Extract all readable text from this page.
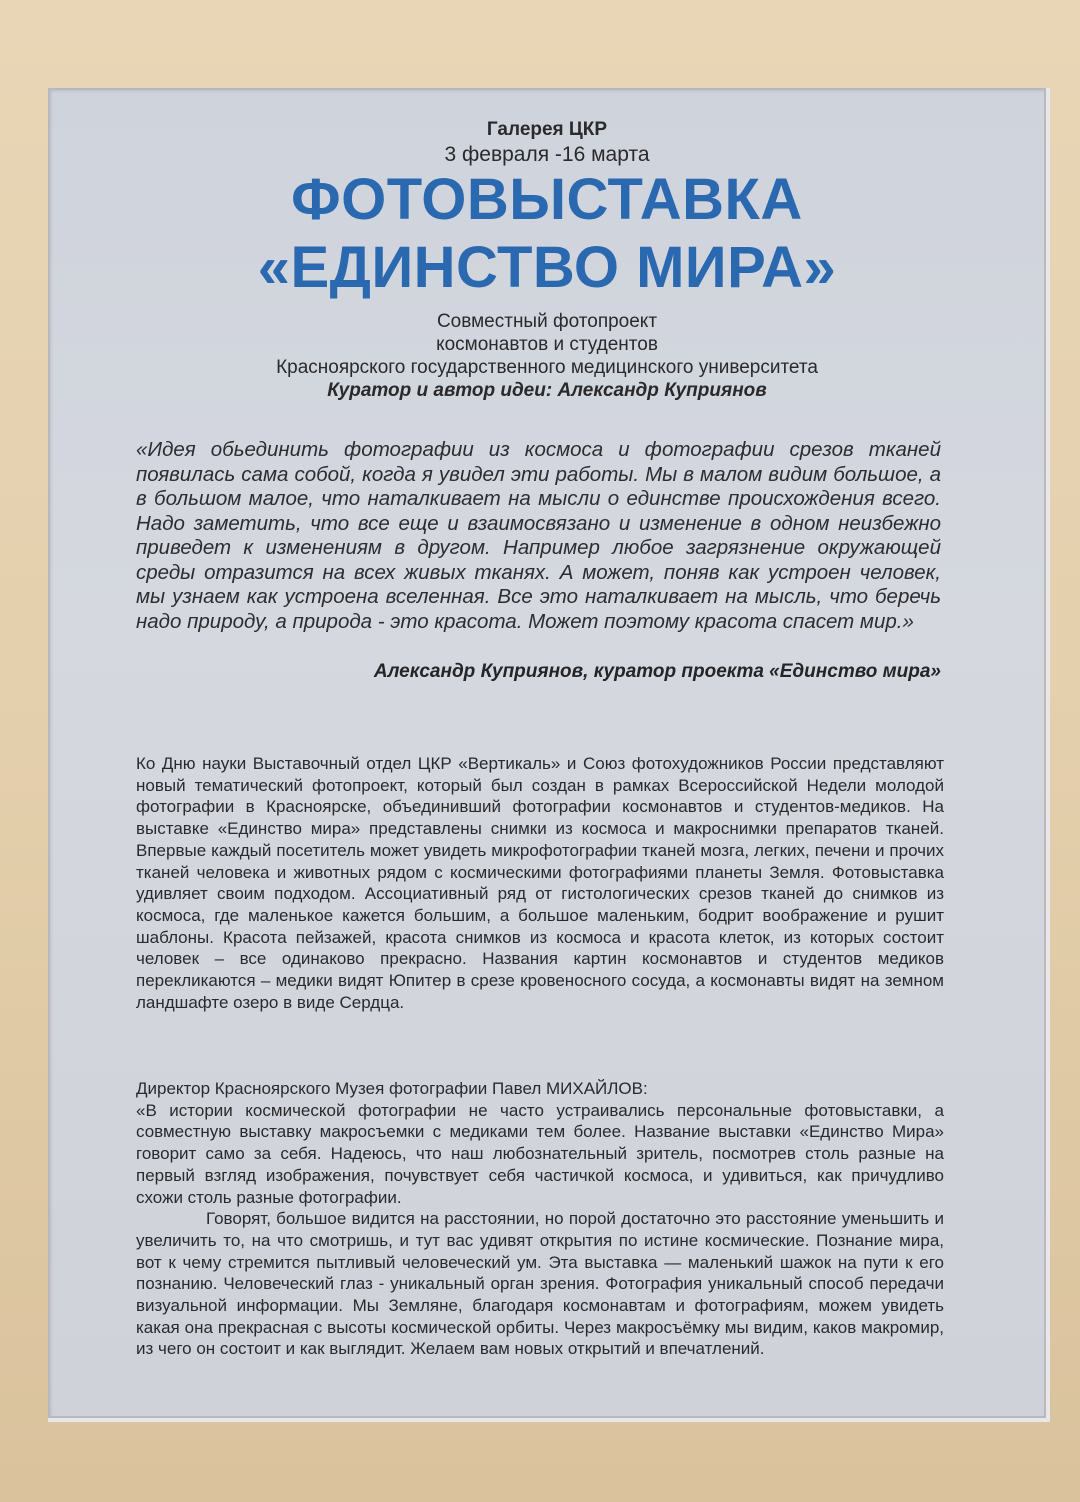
Галерея ЦКР
3 февраля -16 марта
ФОТОВЫСТАВКА
«ЕДИНСТВО МИРА»
Совместный фотопроект
космонавтов и студентов
Красноярского государственного медицинского университета
Куратор и автор идеи: Александр Куприянов
«Идея обьединить фотографии из космоса и фотографии срезов тканей появилась сама собой, когда я увидел эти работы. Мы в малом видим большое, а в большом малое, что наталкивает на мысли о единстве происхождения всего. Надо заметить, что все еще и взаимосвязано и изменение в одном неизбежно приведет к изменениям в другом. Например любое загрязнение окружающей среды отразится на всех живых тканях. А может, поняв как устроен человек, мы узнаем как устроена вселенная. Все это наталкивает на мысль, что беречь надо природу, а природа - это красота. Может поэтому красота спасет мир.»
Александр Куприянов, куратор проекта «Единство мира»

Ко Дню науки Выставочный отдел ЦКР «Вертикаль» и Союз фотохудожников России представляют новый тематический фотопроект, который был создан в рамках Всероссийской Недели молодой фотографии в Красноярске, объединивший фотографии космонавтов и студентов-медиков. На выставке «Единство мира» представлены снимки из космоса и макроснимки препаратов тканей. Впервые каждый посетитель может увидеть микрофотографии тканей мозга, легких, печени и прочих тканей человека и животных рядом с космическими фотографиями планеты Земля. Фотовыставка удивляет своим подходом. Ассоциативный ряд от гистологических срезов тканей до снимков из космоса, где маленькое кажется большим, а большое маленьким, бодрит воображение и рушит шаблоны. Красота пейзажей, красота снимков из космоса и красота клеток, из которых состоит человек – все одинаково прекрасно. Названия картин космонавтов и студентов медиков перекликаются – медики видят Юпитер в срезе кровеносного сосуда, а космонавты видят на земном ландшафте озеро в виде Сердца.

Директор Красноярского Музея фотографии Павел МИХАЙЛОВ:

«В истории космической фотографии не часто устраивались персональные фотовыставки, а совместную выставку макросъемки с медиками тем более. Название выставки «Единство Мира» говорит само за себя. Надеюсь, что наш любознательный зритель, посмотрев столь разные на первый взгляд изображения, почувствует себя частичкой космоса, и удивиться, как причудливо схожи столь разные фотографии.

Говорят, большое видится на расстоянии, но порой достаточно это расстояние уменьшить и увеличить то, на что смотришь, и тут вас удивят открытия по истине космические. Познание мира, вот к чему стремится пытливый человеческий ум. Эта выставка — маленький шажок на пути к его познанию. Человеческий глаз - уникальный орган зрения. Фотография уникальный способ передачи визуальной информации. Мы Земляне, благодаря космонавтам и фотографиям, можем увидеть какая она прекрасная с высоты космической орбиты. Через макросъёмку мы видим, каков макромир, из чего он состоит и как выглядит. Желаем вам новых открытий и впечатлений.
